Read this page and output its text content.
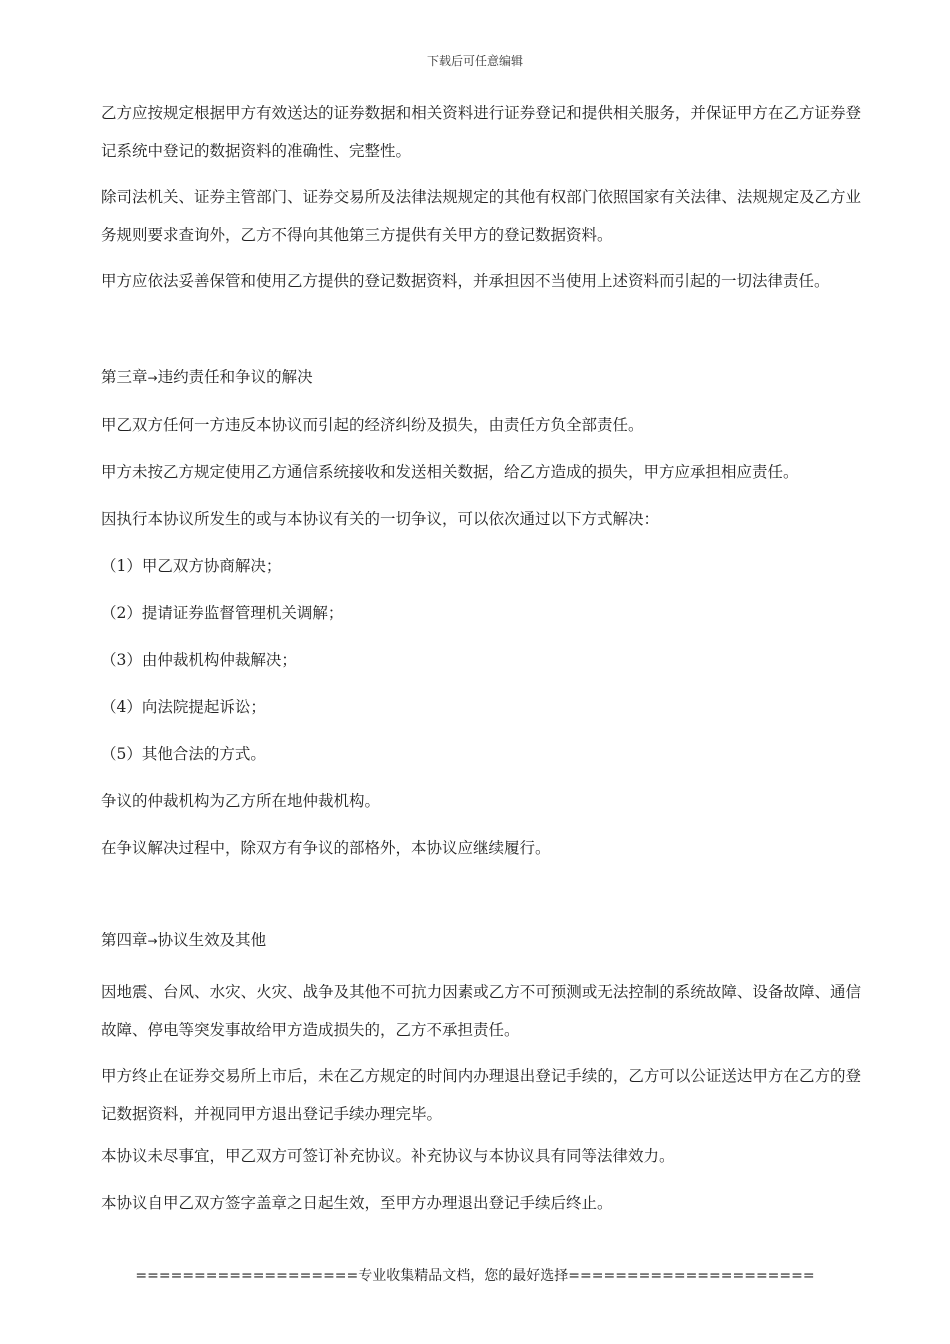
下载后可任意编辑

乙方应按规定根据甲方有效送达的证券数据和相关资料进行证券登记和提供相关服务，并保证甲方在乙方证券登记系统中登记的数据资料的准确性、完整性。

除司法机关、证券主管部门、证券交易所及法律法规规定的其他有权部门依照国家有关法律、法规规定及乙方业务规则要求查询外，乙方不得向其他第三方提供有关甲方的登记数据资料。

甲方应依法妥善保管和使用乙方提供的登记数据资料，并承担因不当使用上述资料而引起的一切法律责任。

第三章→违约责任和争议的解决

甲乙双方任何一方违反本协议而引起的经济纠纷及损失，由责任方负全部责任。

甲方未按乙方规定使用乙方通信系统接收和发送相关数据，给乙方造成的损失，甲方应承担相应责任。

因执行本协议所发生的或与本协议有关的一切争议，可以依次通过以下方式解决：

（1）甲乙双方协商解决；

（2）提请证券监督管理机关调解；

（3）由仲裁机构仲裁解决；

（4）向法院提起诉讼；

（5）其他合法的方式。

争议的仲裁机构为乙方所在地仲裁机构。

在争议解决过程中，除双方有争议的部格外，本协议应继续履行。

第四章→协议生效及其他

因地震、台风、水灾、火灾、战争及其他不可抗力因素或乙方不可预测或无法控制的系统故障、设备故障、通信故障、停电等突发事故给甲方造成损失的，乙方不承担责任。

甲方终止在证券交易所上市后，未在乙方规定的时间内办理退出登记手续的，乙方可以公证送达甲方在乙方的登记数据资料，并视同甲方退出登记手续办理完毕。

本协议未尽事宜，甲乙双方可签订补充协议。补充协议与本协议具有同等法律效力。

本协议自甲乙双方签字盖章之日起生效，至甲方办理退出登记手续后终止。

===================专业收集精品文档，您的最好选择=====================
